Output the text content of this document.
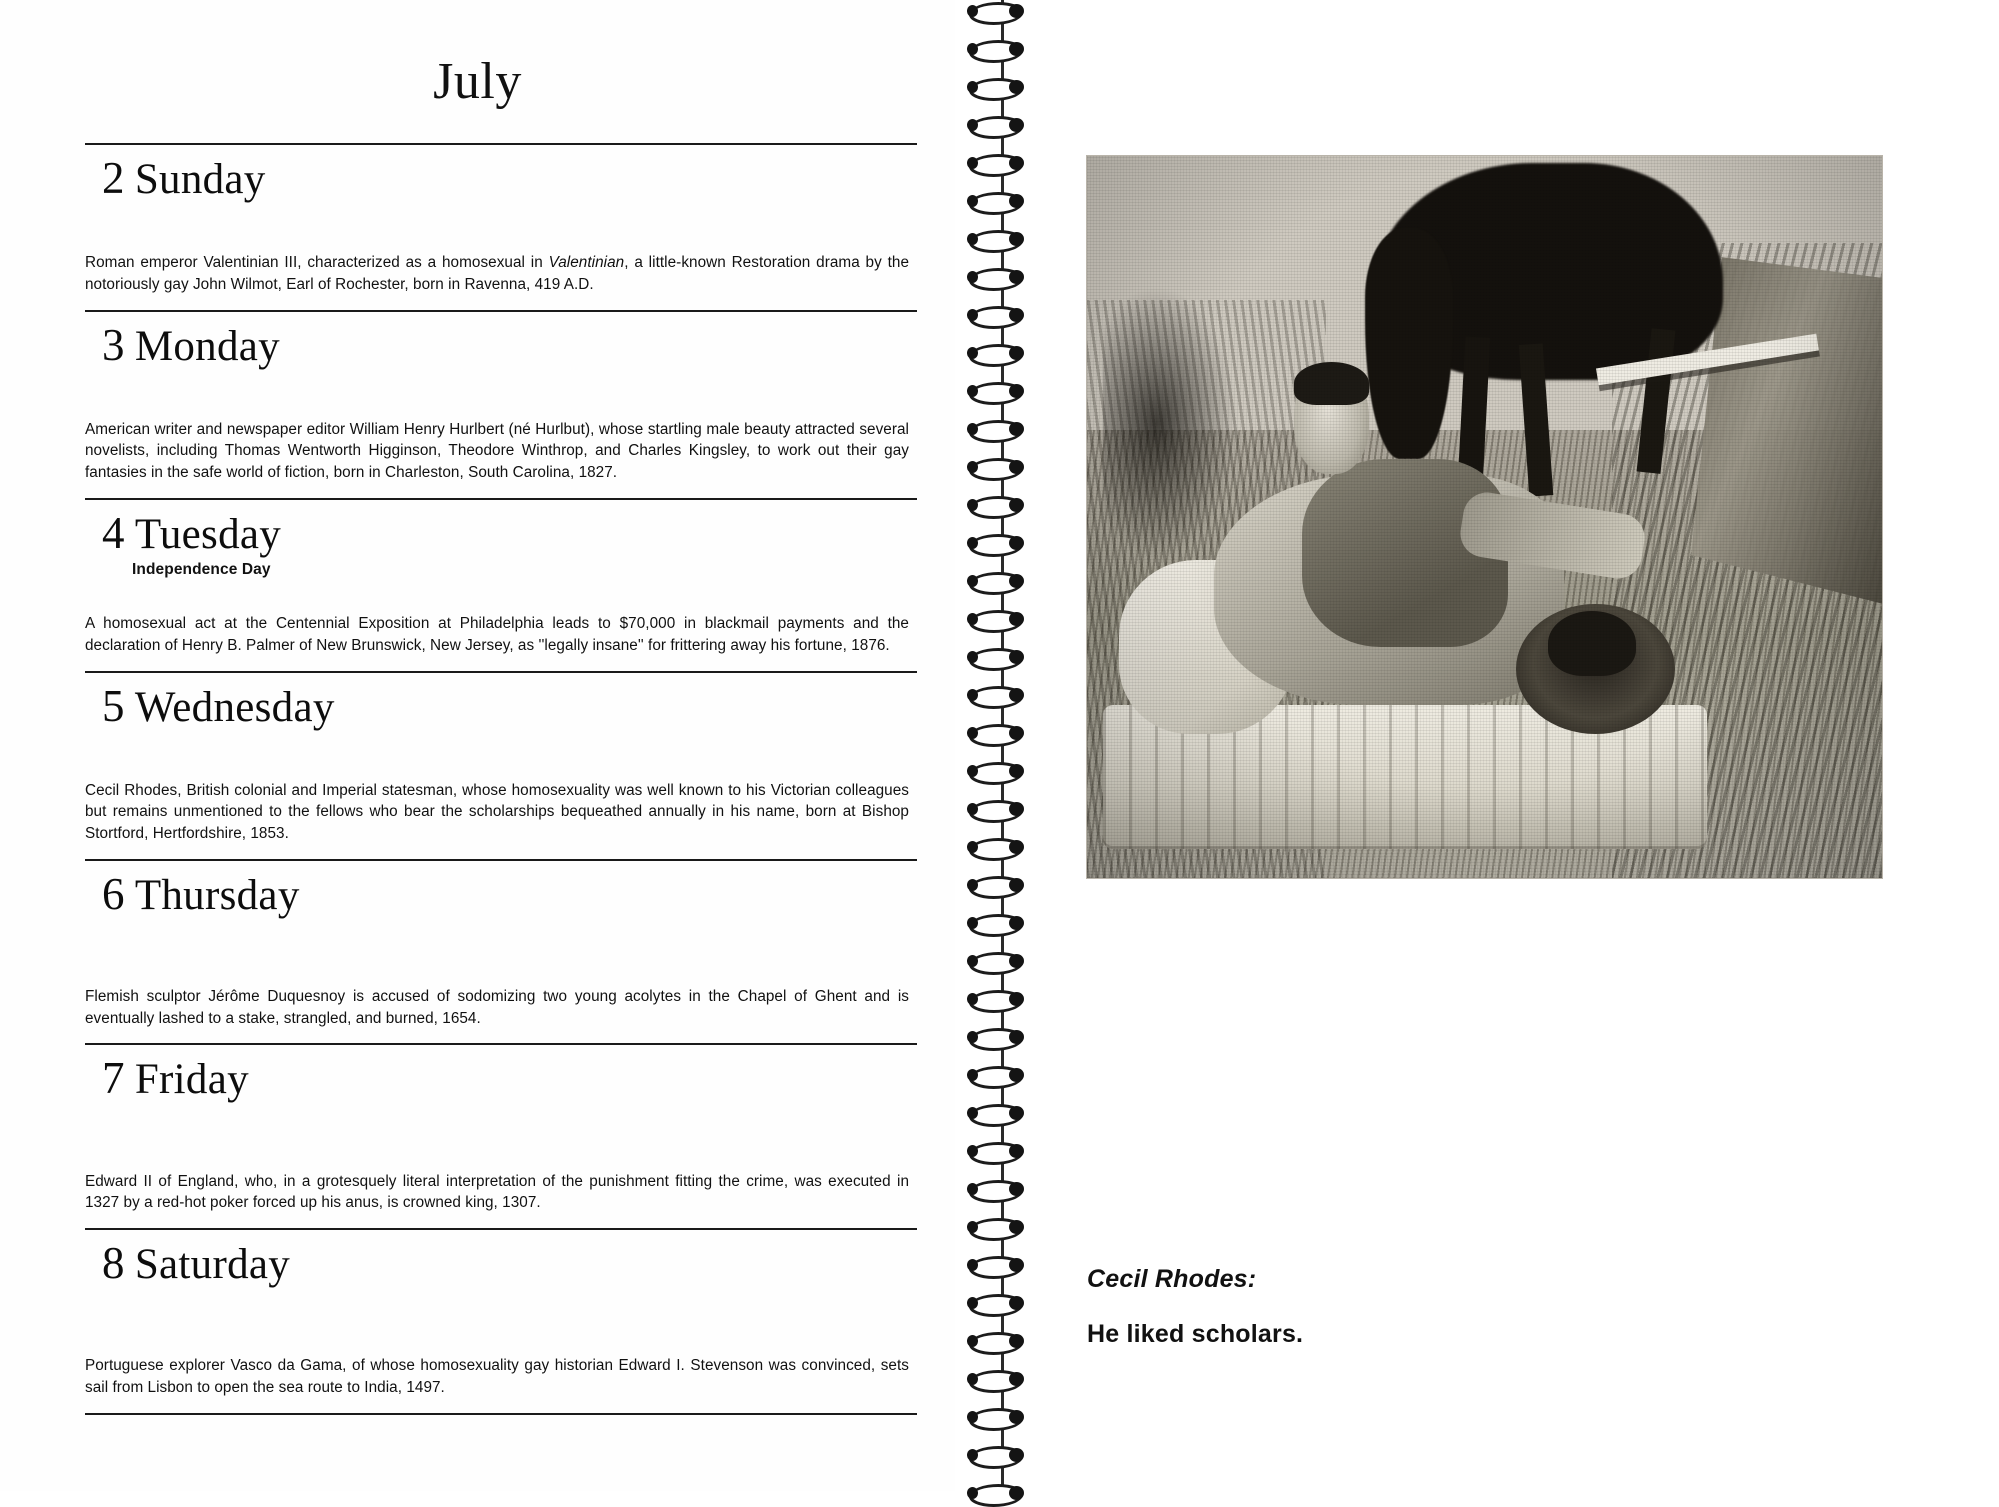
July
2 Sunday
Roman emperor Valentinian III, characterized as a homosexual in Valentinian, a little-known Restoration drama by the notoriously gay John Wilmot, Earl of Rochester, born in Ravenna, 419 A.D.
3 Monday
American writer and newspaper editor William Henry Hurlbert (né Hurlbut), whose startling male beauty attracted several novelists, including Thomas Wentworth Higginson, Theodore Winthrop, and Charles Kingsley, to work out their gay fantasies in the safe world of fiction, born in Charleston, South Carolina, 1827.
4 Tuesday
Independence Day
A homosexual act at the Centennial Exposition at Philadelphia leads to $70,000 in blackmail payments and the declaration of Henry B. Palmer of New Brunswick, New Jersey, as ''legally insane'' for frittering away his fortune, 1876.
5 Wednesday
Cecil Rhodes, British colonial and Imperial statesman, whose homosexuality was well known to his Victorian colleagues but remains unmentioned to the fellows who bear the scholarships bequeathed annually in his name, born at Bishop Stortford, Hertfordshire, 1853.
6 Thursday
Flemish sculptor Jérôme Duquesnoy is accused of sodomizing two young acolytes in the Chapel of Ghent and is eventually lashed to a stake, strangled, and burned, 1654.
7 Friday
Edward II of England, who, in a grotesquely literal interpretation of the punishment fitting the crime, was executed in 1327 by a red-hot poker forced up his anus, is crowned king, 1307.
8 Saturday
Portuguese explorer Vasco da Gama, of whose homosexuality gay historian Edward I. Stevenson was convinced, sets sail from Lisbon to open the sea route to India, 1497.
Cecil Rhodes:
He liked scholars.
